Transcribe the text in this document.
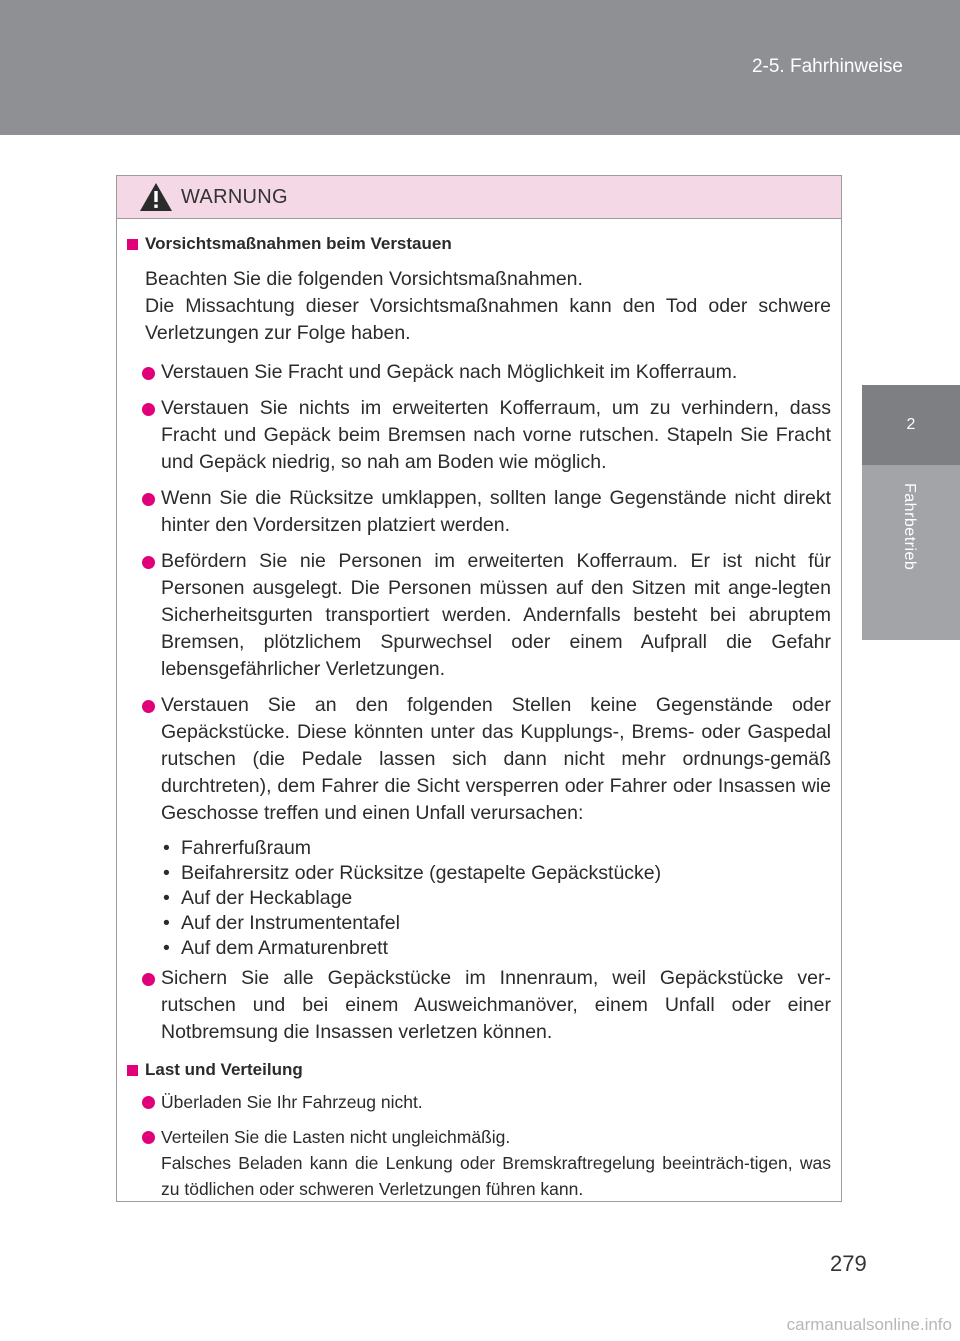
2-5. Fahrhinweise
2
Fahrbetrieb
WARNUNG
Vorsichtsmaßnahmen beim Verstauen
Beachten Sie die folgenden Vorsichtsmaßnahmen.
Die Missachtung dieser Vorsichtsmaßnahmen kann den Tod oder schwere Verletzungen zur Folge haben.
Verstauen Sie Fracht und Gepäck nach Möglichkeit im Kofferraum.
Verstauen Sie nichts im erweiterten Kofferraum, um zu verhindern, dass Fracht und Gepäck beim Bremsen nach vorne rutschen. Stapeln Sie Fracht und Gepäck niedrig, so nah am Boden wie möglich.
Wenn Sie die Rücksitze umklappen, sollten lange Gegenstände nicht direkt hinter den Vordersitzen platziert werden.
Befördern Sie nie Personen im erweiterten Kofferraum. Er ist nicht für Personen ausgelegt. Die Personen müssen auf den Sitzen mit ange-legten Sicherheitsgurten transportiert werden. Andernfalls besteht bei abruptem Bremsen, plötzlichem Spurwechsel oder einem Aufprall die Gefahr lebensgefährlicher Verletzungen.
Verstauen Sie an den folgenden Stellen keine Gegenstände oder Gepäckstücke. Diese könnten unter das Kupplungs-, Brems- oder Gaspedal rutschen (die Pedale lassen sich dann nicht mehr ordnungs-gemäß durchtreten), dem Fahrer die Sicht versperren oder Fahrer oder Insassen wie Geschosse treffen und einen Unfall verursachen:
• Fahrerfußraum
• Beifahrersitz oder Rücksitze (gestapelte Gepäckstücke)
• Auf der Heckablage
• Auf der Instrumententafel
• Auf dem Armaturenbrett
Sichern Sie alle Gepäckstücke im Innenraum, weil Gepäckstücke ver-rutschen und bei einem Ausweichmanöver, einem Unfall oder einer Notbremsung die Insassen verletzen können.
Last und Verteilung
Überladen Sie Ihr Fahrzeug nicht.
Verteilen Sie die Lasten nicht ungleichmäßig.
Falsches Beladen kann die Lenkung oder Bremskraftregelung beeinträch-tigen, was zu tödlichen oder schweren Verletzungen führen kann.
279
carmanualsonline.info
